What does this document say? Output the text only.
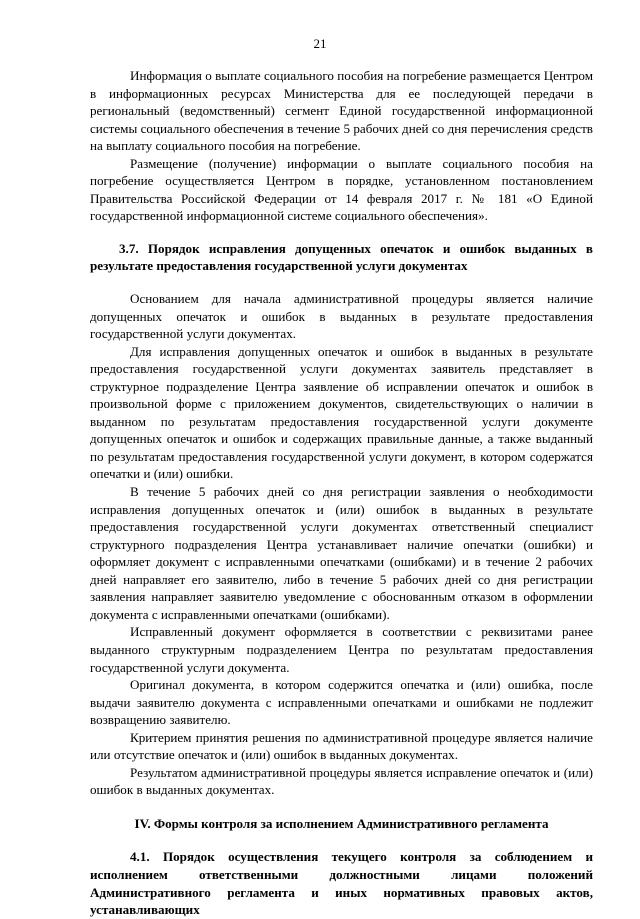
21

Информация о выплате социального пособия на погребение размещается Центром в информационных ресурсах Министерства для ее последующей передачи в региональный (ведомственный) сегмент Единой государственной информационной системы социального обеспечения в течение 5 рабочих дней со дня перечисления средств на выплату социального пособия на погребение.

Размещение (получение) информации о выплате социального пособия на погребение осуществляется Центром в порядке, установленном постановлением Правительства Российской Федерации от 14 февраля 2017 г. № 181 «О Единой государственной информационной системе социального обеспечения».

3.7. Порядок исправления допущенных опечаток и ошибок выданных в результате предоставления государственной услуги документах

Основанием для начала административной процедуры является наличие допущенных опечаток и ошибок в выданных в результате предоставления государственной услуги документах.

Для исправления допущенных опечаток и ошибок в выданных в результате предоставления государственной услуги документах заявитель представляет в структурное подразделение Центра заявление об исправлении опечаток и ошибок в произвольной форме с приложением документов, свидетельствующих о наличии в выданном по результатам предоставления государственной услуги документе допущенных опечаток и ошибок и содержащих правильные данные, а также выданный по результатам предоставления государственной услуги документ, в котором содержатся опечатки и (или) ошибки.

В течение 5 рабочих дней со дня регистрации заявления о необходимости исправления допущенных опечаток и (или) ошибок в выданных в результате предоставления государственной услуги документах ответственный специалист структурного подразделения Центра устанавливает наличие опечатки (ошибки) и оформляет документ с исправленными опечатками (ошибками) и в течение 2 рабочих дней направляет его заявителю, либо в течение 5 рабочих дней со дня регистрации заявления направляет заявителю уведомление с обоснованным отказом в оформлении документа с исправленными опечатками (ошибками).

Исправленный документ оформляется в соответствии с реквизитами ранее выданного структурным подразделением Центра по результатам предоставления государственной услуги документа.

Оригинал документа, в котором содержится опечатка и (или) ошибка, после выдачи заявителю документа с исправленными опечатками и ошибками не подлежит возвращению заявителю.

Критерием принятия решения по административной процедуре является наличие или отсутствие опечаток и (или) ошибок в выданных документах.

Результатом административной процедуры является исправление опечаток и (или) ошибок в выданных документах.

IV. Формы контроля за исполнением Административного регламента

4.1. Порядок осуществления текущего контроля за соблюдением и исполнением ответственными должностными лицами положений Административного регламента и иных нормативных правовых актов, устанавливающих
